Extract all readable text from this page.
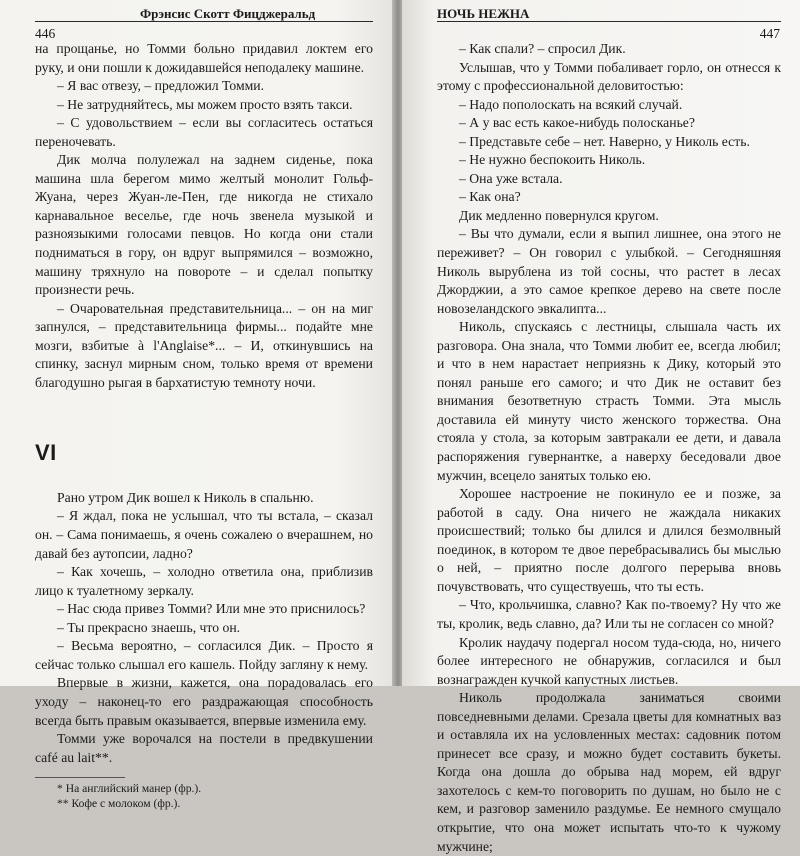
446
Фрэнсис Скотт Фицджеральд

на прощанье, но Томми больно придавил локтем его руку, и они пошли к дожидавшейся неподалеку машине.

– Я вас отвезу, – предложил Томми.

– Не затрудняйтесь, мы можем просто взять такси.

– С удовольствием – если вы согласитесь остаться переночевать.

Дик молча полулежал на заднем сиденье, пока машина шла берегом мимо желтый монолит Гольф-Жуана, через Жуан-ле-Пен, где никогда не стихало карнавальное веселье, где ночь звенела музыкой и разноязыкими голосами певцов. Но когда они стали подниматься в гору, он вдруг выпрямился – возможно, машину тряхнуло на повороте – и сделал попытку произнести речь.

– Очаровательная представительница... – он на миг запнулся, – представительница фирмы... подайте мне мозги, взбитые à l'Anglaise*... – И, откинувшись на спинку, заснул мирным сном, только время от времени благодушно рыгая в бархатистую темноту ночи.

VI

Рано утром Дик вошел к Николь в спальню.

– Я ждал, пока не услышал, что ты встала, – сказал он. – Сама понимаешь, я очень сожалею о вчерашнем, но давай без аутопсии, ладно?

– Как хочешь, – холодно ответила она, приблизив лицо к туалетному зеркалу.

– Нас сюда привез Томми? Или мне это приснилось?

– Ты прекрасно знаешь, что он.

– Весьма вероятно, – согласился Дик. – Просто я сейчас только слышал его кашель. Пойду загляну к нему.

Впервые в жизни, кажется, она порадовалась его уходу – наконец-то его раздражающая способность всегда быть правым оказывается, впервые изменила ему.

Томми уже ворочался на постели в предвкушении café au lait**.

* На английский манер (фр.).

** Кофе с молоком (фр.).

НОЧЬ НЕЖНА
447

– Как спали? – спросил Дик.

Услышав, что у Томми побаливает горло, он отнесся к этому с профессиональной деловитостью:

– Надо пополоскать на всякий случай.

– А у вас есть какое-нибудь полосканье?

– Представьте себе – нет. Наверно, у Николь есть.

– Не нужно беспокоить Николь.

– Она уже встала.

– Как она?

Дик медленно повернулся кругом.

– Вы что думали, если я выпил лишнее, она этого не переживет? – Он говорил с улыбкой. – Сегодняшняя Николь вырублена из той сосны, что растет в лесах Джорджии, а это самое крепкое дерево на свете после новозеландского эвкалипта...

Николь, спускаясь с лестницы, слышала часть их разговора. Она знала, что Томми любит ее, всегда любил; и что в нем нарастает неприязнь к Дику, который это понял раньше его самого; и что Дик не оставит без внимания безответную страсть Томми. Эта мысль доставила ей минуту чисто женского торжества. Она стояла у стола, за которым завтракали ее дети, и давала распоряжения гувернантке, а наверху беседовали двое мужчин, всецело занятых только ею.

Хорошее настроение не покинуло ее и позже, за работой в саду. Она ничего не жаждала никаких происшествий; только бы длился и длился безмолвный поединок, в котором те двое перебрасывались бы мыслью о ней, – приятно после долгого перерыва вновь почувствовать, что существуешь, что ты есть.

– Что, крольчишка, славно? Как по-твоему? Ну что же ты, кролик, ведь славно, да? Или ты не согласен со мной?

Кролик наудачу подергал носом туда-сюда, но, ничего более интересного не обнаружив, согласился и был вознагражден кучкой капустных листьев.

Николь продолжала заниматься своими повседневными делами. Срезала цветы для комнатных ваз и оставляла их на условленных местах: садовник потом принесет все сразу, и можно будет составить букеты. Когда она дошла до обрыва над морем, ей вдруг захотелось с кем-то поговорить по душам, но было не с кем, и разговор заменило раздумье. Ее немного смущало открытие, что она может испытать что-то к чужому мужчине;
